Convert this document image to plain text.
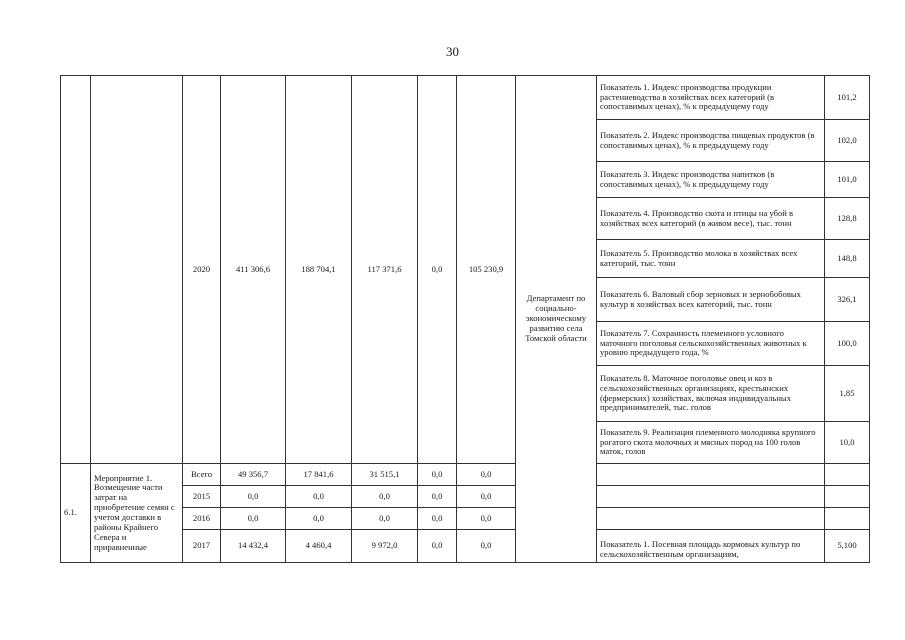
30
		2020	411 306,6	188 704,1	117 371,6	0,0	105 230,9	Департамент по социально-экономическому развитию села Томской области	Показатель 1. Индекс производства продукции растениеводства в хозяйствах всех категорий (в сопоставимых ценах), % к предыдущему году	101,2
									Показатель 2. Индекс производства пищевых продуктов (в сопоставимых ценах), % к предыдущему году	102,0
									Показатель 3. Индекс производства напитков (в сопоставимых ценах), % к предыдущему году	101,0
									Показатель 4. Производство скота и птицы на убой в хозяйствах всех категорий (в живом весе), тыс. тонн	128,8
									Показатель 5. Производство молока в хозяйствах всех категорий, тыс. тонн	148,8
									Показатель 6. Валовый сбор зерновых и зернобобовых культур в хозяйствах всех категорий, тыс. тонн	326,1
									Показатель 7. Сохранность племенного условного маточного поголовья сельскохозяйственных животных к уровню предыдущего года, %	100,0
									Показатель 8. Маточное поголовье овец и коз в сельскохозяйственных организациях, крестьянских (фермерских) хозяйствах, включая индивидуальных предпринимателей, тыс. голов	1,85
									Показатель 9. Реализация племенного молодняка крупного рогатого скота молочных и мясных пород на 100 голов маток, голов	10,0
6.1.	Мероприятие 1. Возмещение части затрат на приобретение семян с учетом доставки в районы Крайнего Севера и приравненные	Всего	49 356,7	17 841,6	31 515,1	0,0	0,0			
		2015	0,0	0,0	0,0	0,0	0,0			
		2016	0,0	0,0	0,0	0,0	0,0			
		2017	14 432,4	4 460,4	9 972,0	0,0	0,0		Показатель 1. Посевная площадь кормовых культур по сельскохозяйственным организациям,	5,100
